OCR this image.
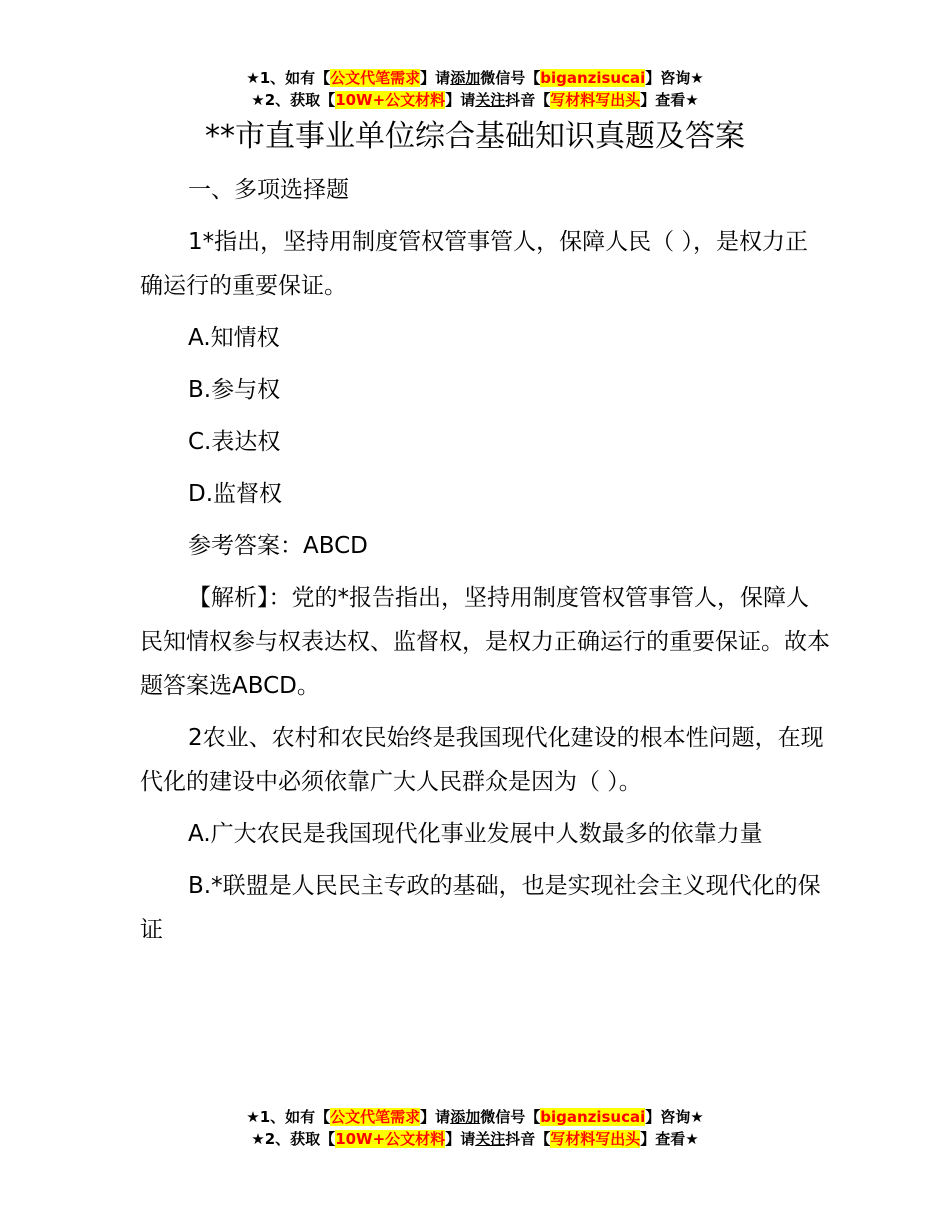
★1、如有【公文代笔需求】请添加微信号【biganzisucai】咨询★
★2、获取【10W+公文材料】请关注抖音【写材料写出头】查看★
**市直事业单位综合基础知识真题及答案

一、多项选择题

1*指出，坚持用制度管权管事管人，保障人民（ ），是权力正确运行的重要保证。

A.知情权

B.参与权

C.表达权

D.监督权

参考答案：ABCD

【解析】：党的*报告指出，坚持用制度管权管事管人，保障人民知情权参与权表达权、监督权，是权力正确运行的重要保证。故本题答案选ABCD。

2农业、农村和农民始终是我国现代化建设的根本性问题，在现代化的建设中必须依靠广大人民群众是因为（ ）。

A.广大农民是我国现代化事业发展中人数最多的依靠力量

B.*联盟是人民民主专政的基础，也是实现社会主义现代化的保证

★1、如有【公文代笔需求】请添加微信号【biganzisucai】咨询★
★2、获取【10W+公文材料】请关注抖音【写材料写出头】查看★
